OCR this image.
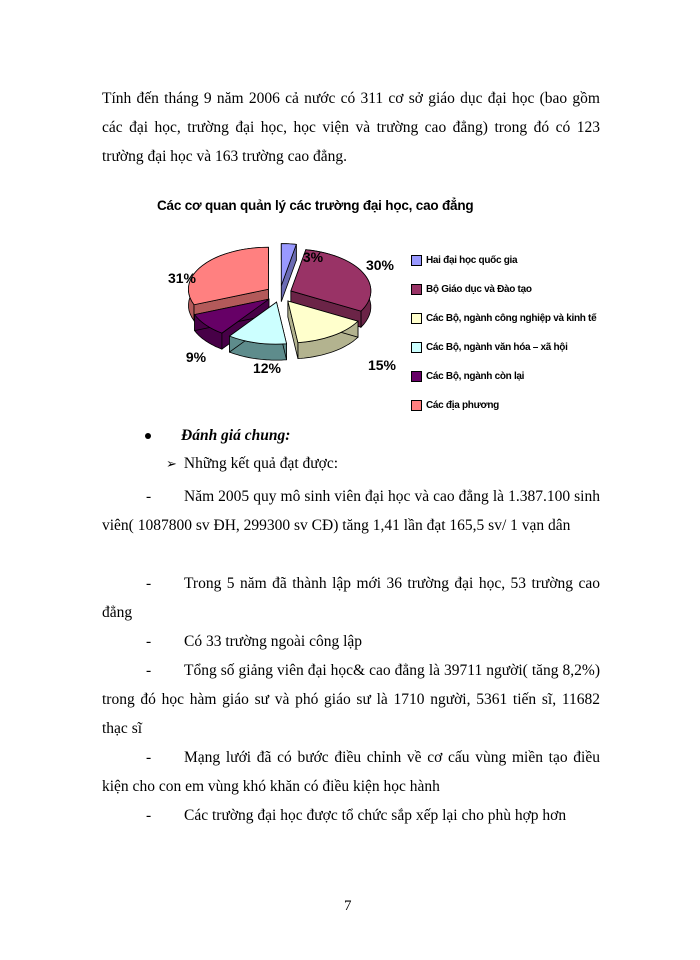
Tính đến tháng 9 năm 2006 cả nước có 311 cơ sở giáo dục đại học (bao gồm các đại học, trường đại học, học viện và trường cao đẳng) trong đó có 123 trường đại học và 163 trường cao đẳng.
Các cơ quan quản lý các trường đại học, cao đẳng
3%	30%
15%
12%
9%
31%
Hai đại học quốc gia
Bộ Giáo dục và Đào tạo
Các Bộ, ngành công nghiệp và kinh tế
Các Bộ, ngành văn hóa – xã hội
Các Bộ, ngành còn lại
Các địa phương
Đánh giá chung:
➢ Những kết quả đạt được:
-	Năm 2005 quy mô sinh viên đại học và cao đẳng là 1.387.100 sinh viên( 1087800 sv ĐH, 299300 sv CĐ) tăng 1,41 lần đạt 165,5 sv/ 1 vạn dân
-	Trong 5 năm đã thành lập mới 36 trường đại học, 53 trường cao đẳng
-	Có 33 trường ngoài công lập
-	Tổng số giảng viên đại học& cao đẳng là 39711 người( tăng 8,2%) trong đó học hàm giáo sư và phó giáo sư là 1710 người, 5361 tiến sĩ, 11682 thạc sĩ
-	Mạng lưới đã có bước điều chỉnh về cơ cấu vùng miền tạo điều kiện cho con em vùng khó khăn có điều kiện học hành
-	Các trường đại học được tổ chức sắp xếp lại cho phù hợp hơn
7
